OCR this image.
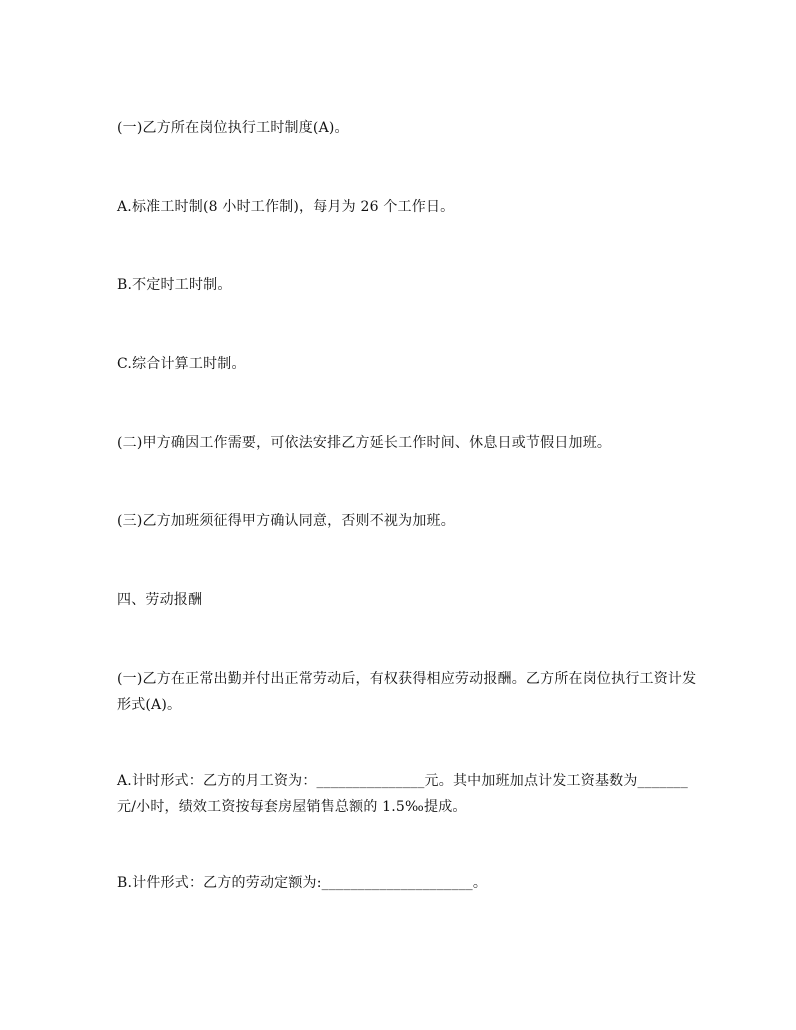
(一)乙方所在岗位执行工时制度(A)。
A.标准工时制(8 小时工作制)，每月为 26 个工作日。
B.不定时工时制。
C.综合计算工时制。
(二)甲方确因工作需要，可依法安排乙方延长工作时间、休息日或节假日加班。
(三)乙方加班须征得甲方确认同意，否则不视为加班。
四、劳动报酬
(一)乙方在正常出勤并付出正常劳动后，有权获得相应劳动报酬。乙方所在岗位执行工资计发形式(A)。
A.计时形式：乙方的月工资为：_______________元。其中加班加点计发工资基数为_______元/小时，绩效工资按每套房屋销售总额的 1.5‰提成。
B.计件形式：乙方的劳动定额为:_____________________。
